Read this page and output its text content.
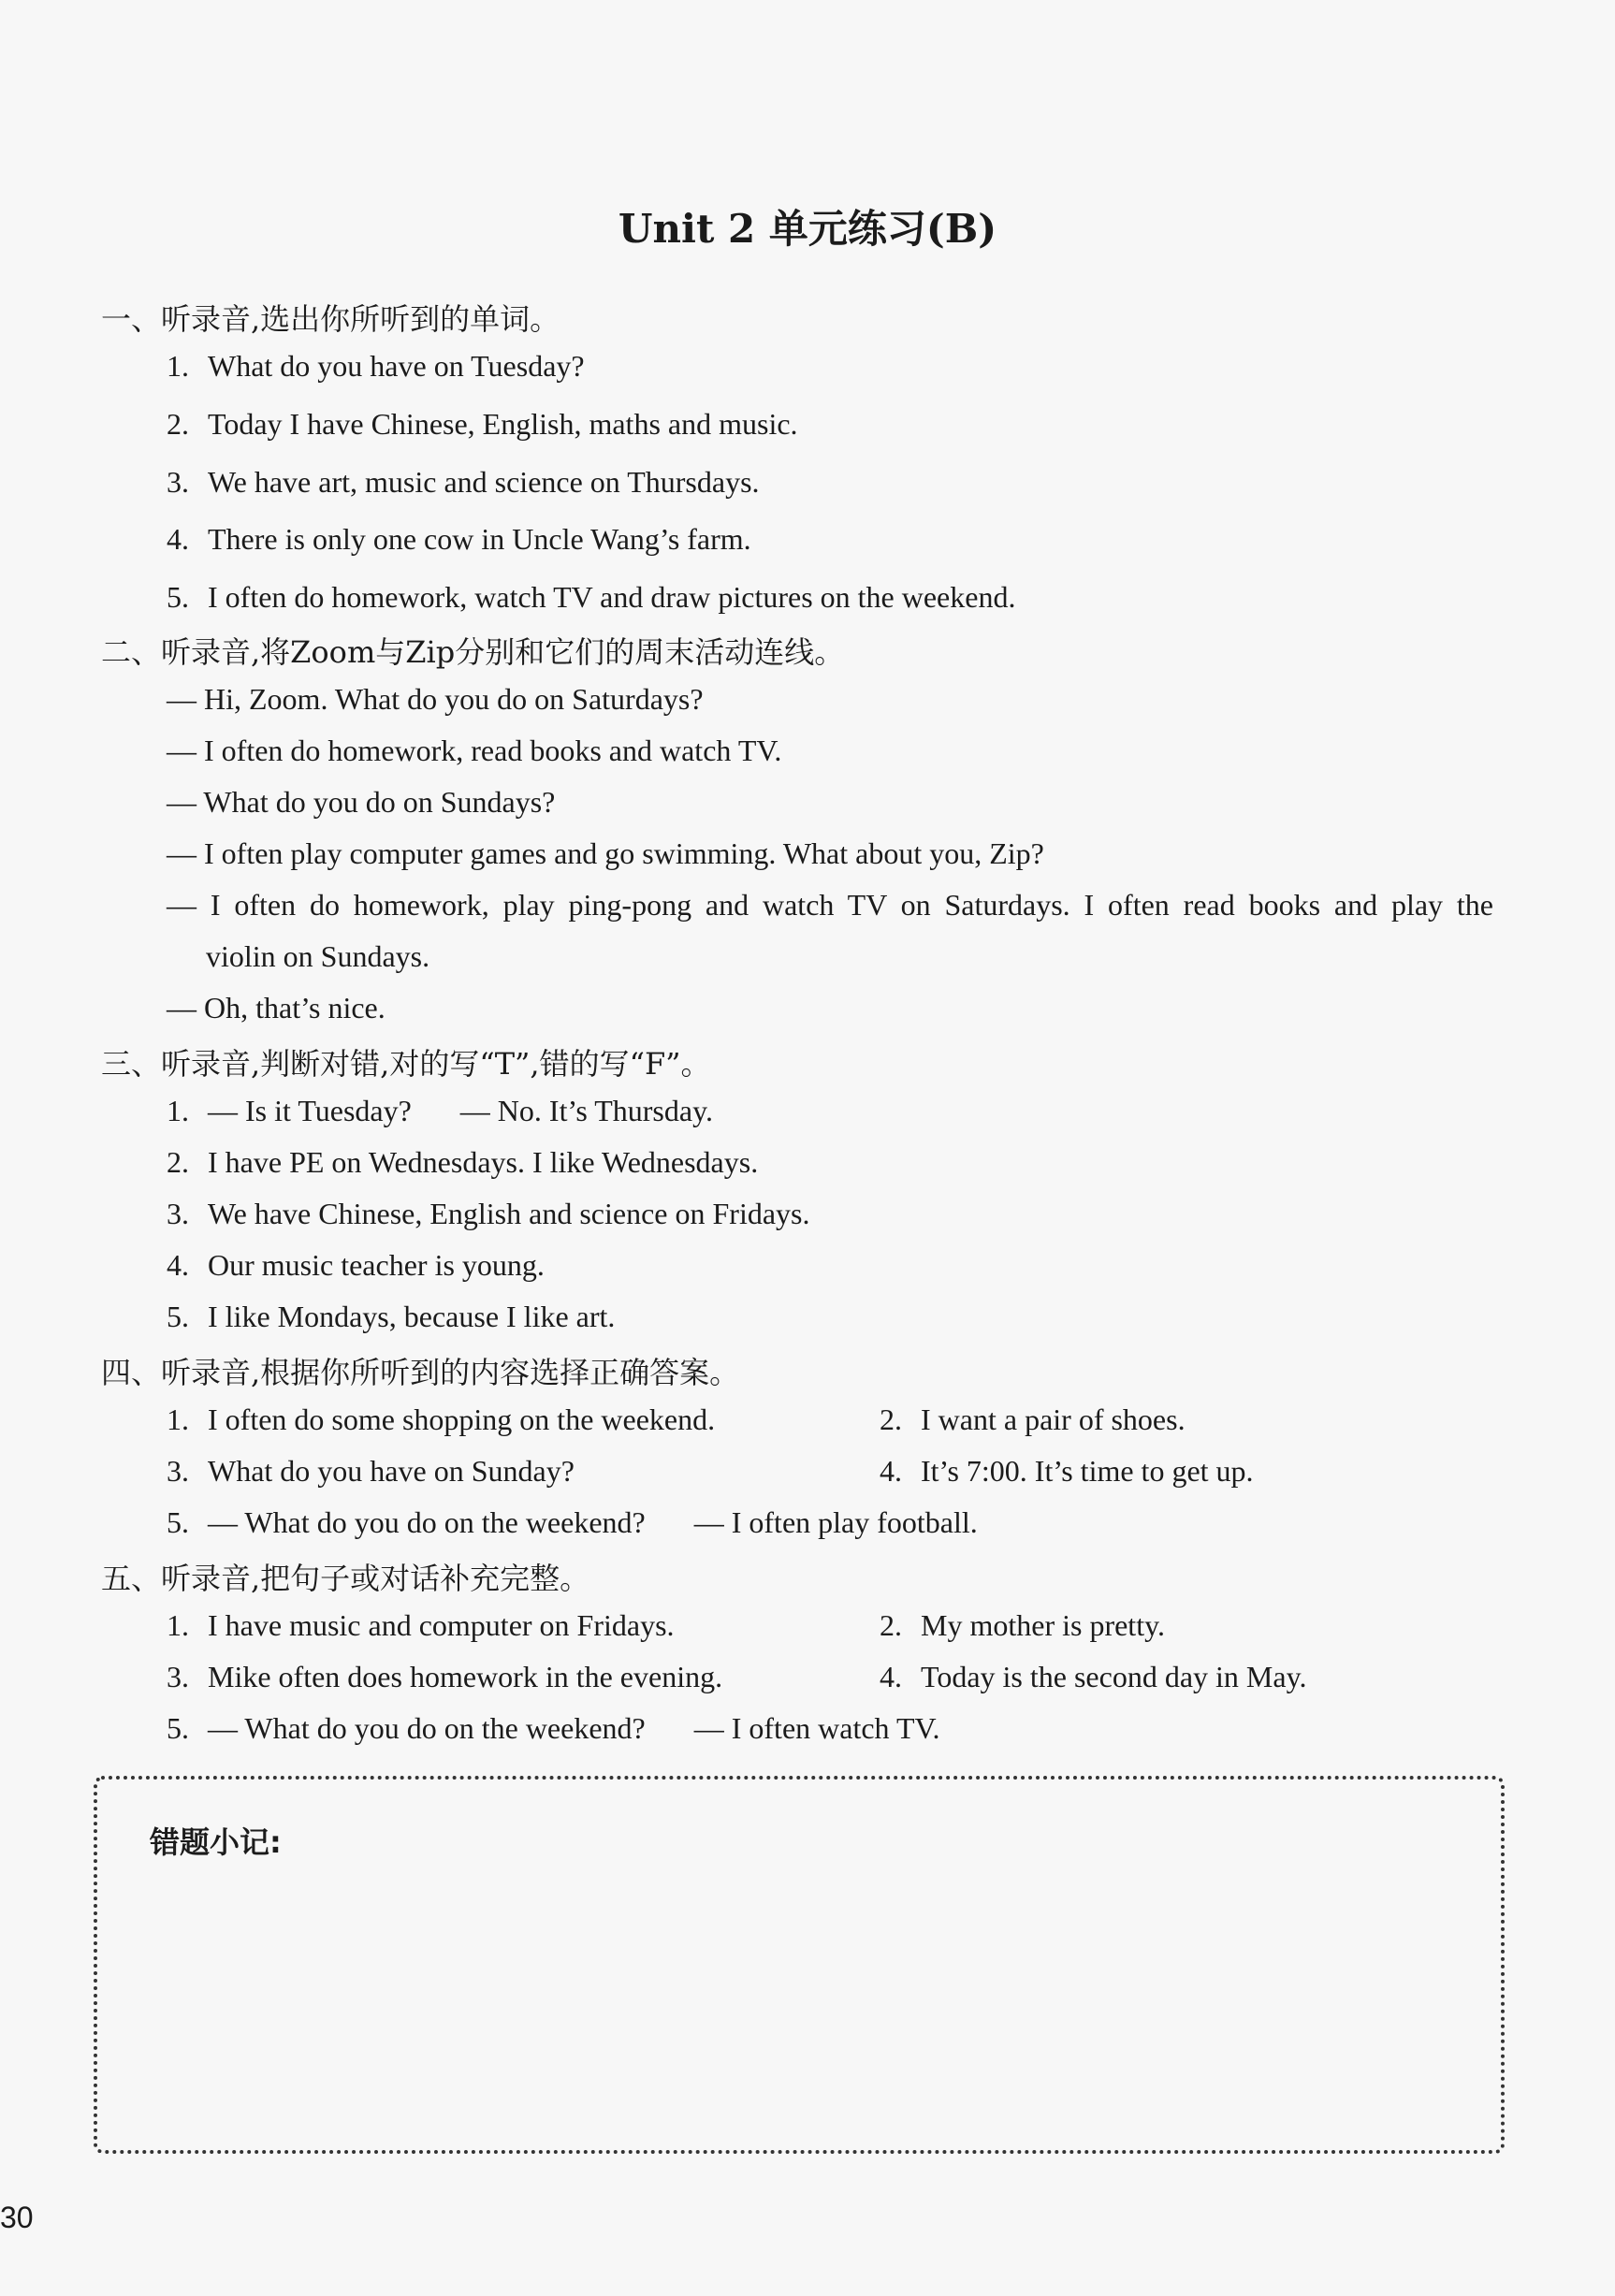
Unit 2 单元练习(B)
一、听录音,选出你所听到的单词。
1. What do you have on Tuesday?
2. Today I have Chinese, English, maths and music.
3. We have art, music and science on Thursdays.
4. There is only one cow in Uncle Wang’s farm.
5. I often do homework, watch TV and draw pictures on the weekend.
二、听录音,将Zoom与Zip分别和它们的周末活动连线。
— Hi, Zoom. What do you do on Saturdays?
— I often do homework, read books and watch TV.
— What do you do on Sundays?
— I often play computer games and go swimming. What about you, Zip?
— I often do homework, play ping-pong and watch TV on Saturdays. I often read books and play the
violin on Sundays.
— Oh, that’s nice.
三、听录音,判断对错,对的写“T”,错的写“F”。
1. — Is it Tuesday? — No. It’s Thursday.
2. I have PE on Wednesdays. I like Wednesdays.
3. We have Chinese, English and science on Fridays.
4. Our music teacher is young.
5. I like Mondays, because I like art.
四、听录音,根据你所听到的内容选择正确答案。
1. I often do some shopping on the weekend.	2. I want a pair of shoes.
3. What do you have on Sunday?	4. It’s 7:00. It’s time to get up.
5. — What do you do on the weekend? — I often play football.
五、听录音,把句子或对话补充完整。
1. I have music and computer on Fridays.	2. My mother is pretty.
3. Mike often does homework in the evening.	4. Today is the second day in May.
5. — What do you do on the weekend? — I often watch TV.
错题小记:
30
